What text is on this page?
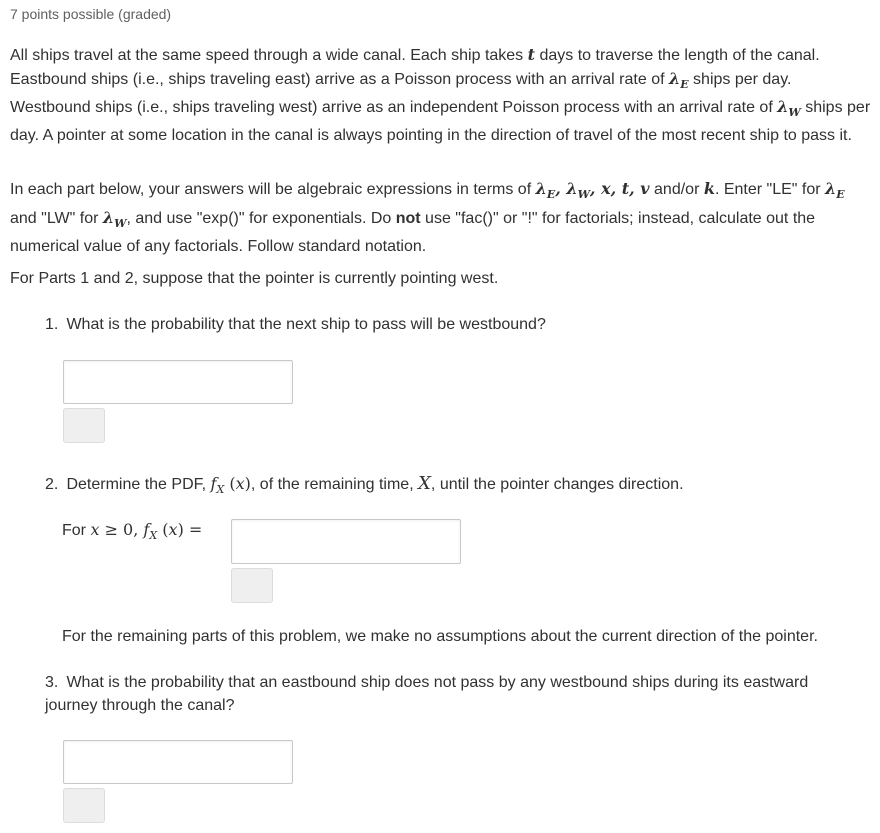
7 points possible (graded)
All ships travel at the same speed through a wide canal. Each ship takes t days to traverse the length of the canal. Eastbound ships (i.e., ships traveling east) arrive as a Poisson process with an arrival rate of $\lambda_E$ ships per day. Westbound ships (i.e., ships traveling west) arrive as an independent Poisson process with an arrival rate of $\lambda_W$ ships per day. A pointer at some location in the canal is always pointing in the direction of travel of the most recent ship to pass it.
In each part below, your answers will be algebraic expressions in terms of $\lambda_E$, $\lambda_W$, x, t, v and/or k. Enter "LE" for $\lambda_E$ and "LW" for $\lambda_W$, and use "exp()" for exponentials. Do not use "fac()" or "!" for factorials; instead, calculate out the numerical value of any factorials. Follow standard notation.
For Parts 1 and 2, suppose that the pointer is currently pointing west.
1. What is the probability that the next ship to pass will be westbound?
2. Determine the PDF, $f_X$ (x), of the remaining time, X, until the pointer changes direction.
For x ≥ 0, $f_X$ (x) =
For the remaining parts of this problem, we make no assumptions about the current direction of the pointer.
3. What is the probability that an eastbound ship does not pass by any westbound ships during its eastward journey through the canal?
